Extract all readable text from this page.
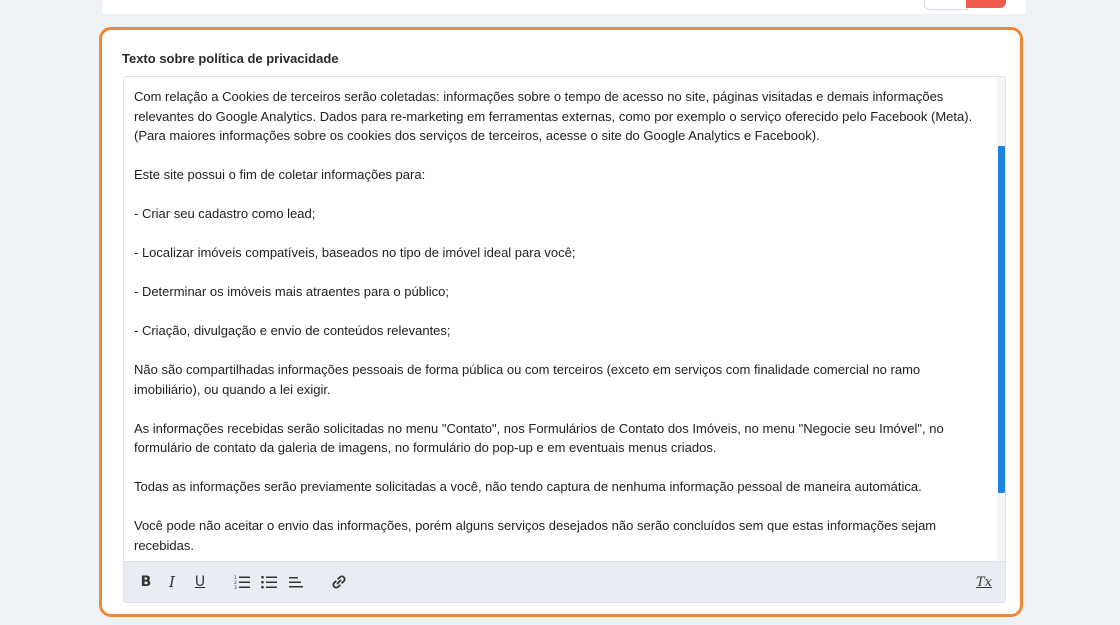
Texto sobre política de privacidade

Com relação a Cookies de terceiros serão coletadas: informações sobre o tempo de acesso no site, páginas visitadas e demais informações relevantes do Google Analytics. Dados para re-marketing em ferramentas externas, como por exemplo o serviço oferecido pelo Facebook (Meta). (Para maiores informações sobre os cookies dos serviços de terceiros, acesse o site do Google Analytics e Facebook).

Este site possui o fim de coletar informações para:

- Criar seu cadastro como lead;

- Localizar imóveis compatíveis, baseados no tipo de imóvel ideal para você;

- Determinar os imóveis mais atraentes para o público;

- Criação, divulgação e envio de conteúdos relevantes;

Não são compartilhadas informações pessoais de forma pública ou com terceiros (exceto em serviços com finalidade comercial no ramo imobiliário), ou quando a lei exigir.

As informações recebidas serão solicitadas no menu "Contato", nos Formulários de Contato dos Imóveis, no menu "Negocie seu Imóvel", no formulário de contato da galeria de imagens, no formulário do pop-up e em eventuais menus criados.

Todas as informações serão previamente solicitadas a você, não tendo captura de nenhuma informação pessoal de maneira automática.

Você pode não aceitar o envio das informações, porém alguns serviços desejados não serão concluídos sem que estas informações sejam recebidas.

B I U	1
2
3	Tx
